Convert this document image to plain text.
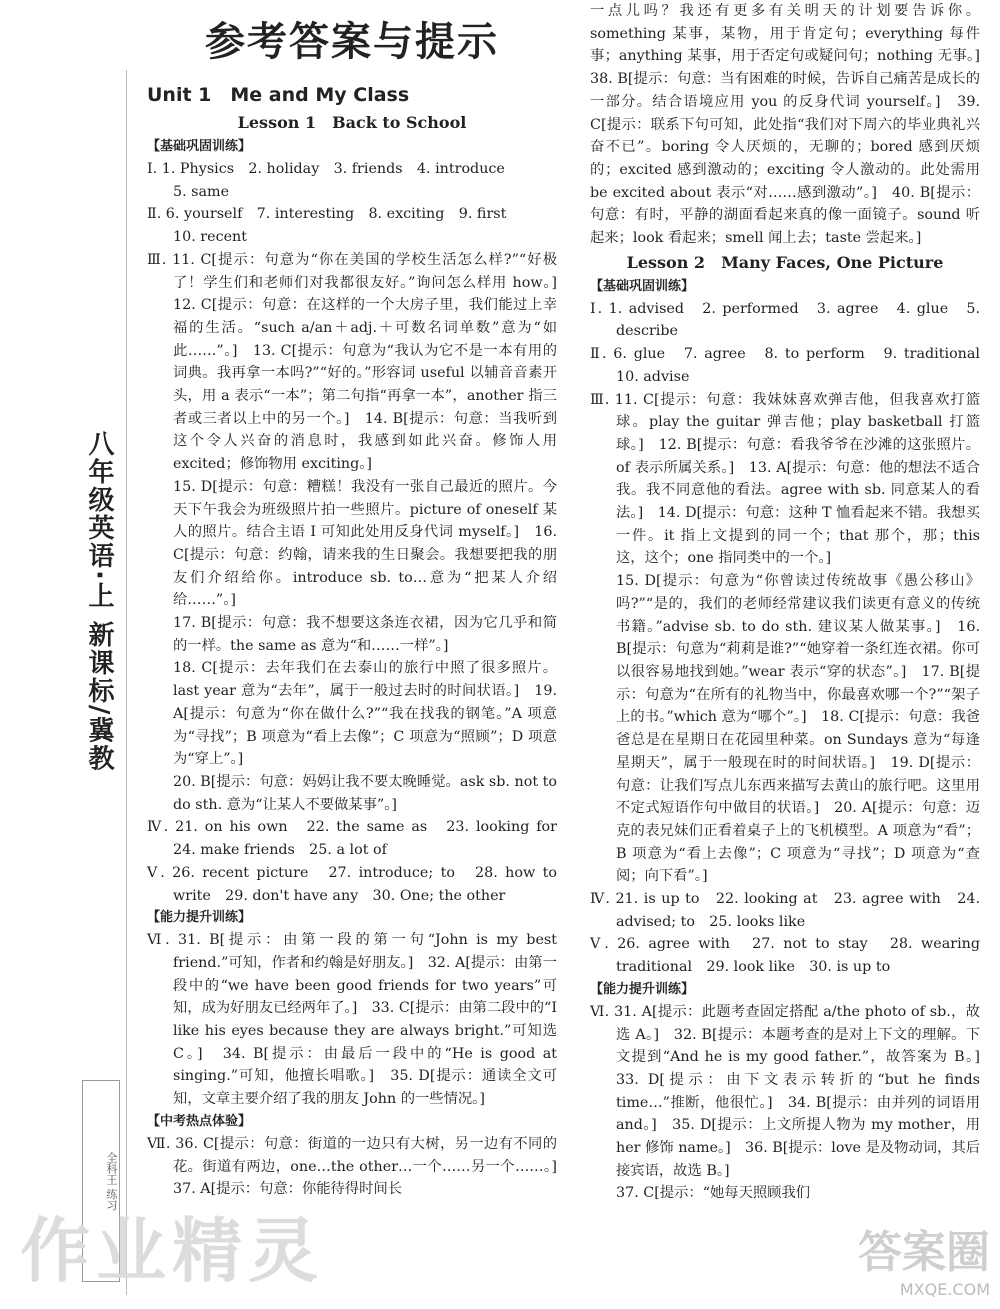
八年级英语·上 新课标/冀教
全科王 练习
参考答案与提示

Unit 1　Me and My Class

Lesson 1　Back to School

【基础巩固训练】

Ⅰ. 1. Physics　2. holiday　3. friends　4. introduce

5. same

Ⅱ. 6. yourself　7. interesting　8. exciting　9. first

10. recent

Ⅲ. 11. C[提示：句意为“你在美国的学校生活怎么样?”“好极了！学生们和老师们对我都很友好。”询问怎么样用 how。]　12. C[提示：句意：在这样的一个大房子里，我们能过上幸福的生活。“such a/an＋adj.＋可数名词单数”意为“如此……”。]　13. C[提示：句意为“我认为它不是一本有用的词典。我再拿一本吗?”“好的。”形容词 useful 以辅音音素开头，用 a 表示“一本”；第二句指“再拿一本”，another 指三者或三者以上中的另一个。]　14. B[提示：句意：当我听到这个令人兴奋的消息时，我感到如此兴奋。修饰人用 excited；修饰物用 exciting。]

15. D[提示：句意：糟糕！我没有一张自己最近的照片。今天下午我会为班级照片拍一些照片。picture of oneself 某人的照片。结合主语 I 可知此处用反身代词 myself。]　16. C[提示：句意：约翰，请来我的生日聚会。我想要把我的朋友们介绍给你。introduce sb. to…意为“把某人介绍给……”。]

17. B[提示：句意：我不想要这条连衣裙，因为它几乎和简的一样。the same as 意为“和……一样”。]

18. C[提示：去年我们在去泰山的旅行中照了很多照片。last year 意为“去年”，属于一般过去时的时间状语。]　19. A[提示：句意为“你在做什么?”“我在找我的钢笔。”A 项意为“寻找”；B 项意为“看上去像”；C 项意为“照顾”；D 项意为“穿上”。]

20. B[提示：句意：妈妈让我不要太晚睡觉。ask sb. not to do sth. 意为“让某人不要做某事”。]

Ⅳ. 21. on his own　22. the same as　23. looking for　24. make friends　25. a lot of

Ⅴ. 26. recent picture　27. introduce; to　28. how to write　29. don't have any　30. One; the other

【能力提升训练】

Ⅵ. 31. B[提示：由第一段的第一句“John is my best friend.”可知，作者和约翰是好朋友。]　32. A[提示：由第一段中的“we have been good friends for two years”可知，成为好朋友已经两年了。]　33. C[提示：由第二段中的“I like his eyes because they are always bright.”可知选 C。]　34. B[提示：由最后一段中的“He is good at singing.”可知，他擅长唱歌。]　35. D[提示：通读全文可知，文章主要介绍了我的朋友 John 的一些情况。]

【中考热点体验】

Ⅶ. 36. C[提示：句意：街道的一边只有大树，另一边有不同的花。街道有两边，one…the other…一个……另一个……。]　37. A[提示：句意：你能待得时间长

一点儿吗？我还有更多有关明天的计划要告诉你。something 某事，某物，用于肯定句；everything 每件事；anything 某事，用于否定句或疑问句；nothing 无事。]　38. B[提示：句意：当有困难的时候，告诉自己痛苦是成长的一部分。结合语境应用 you 的反身代词 yourself。]　39. C[提示：联系下句可知，此处指“我们对下周六的毕业典礼兴奋不已”。boring 令人厌烦的，无聊的；bored 感到厌烦的；excited 感到激动的；exciting 令人激动的。此处需用 be excited about 表示“对……感到激动”。]　40. B[提示：句意：有时，平静的湖面看起来真的像一面镜子。sound 听起来；look 看起来；smell 闻上去；taste 尝起来。]

Lesson 2　Many Faces, One Picture

【基础巩固训练】

Ⅰ. 1. advised　2. performed　3. agree　4. glue　5. describe

Ⅱ. 6. glue　7. agree　8. to perform　9. traditional　10. advise

Ⅲ. 11. C[提示：句意：我妹妹喜欢弹吉他，但我喜欢打篮球。play the guitar 弹吉他；play basketball 打篮球。]　12. B[提示：句意：看我爷爷在沙滩的这张照片。of 表示所属关系。]　13. A[提示：句意：他的想法不适合我。我不同意他的看法。agree with sb. 同意某人的看法。]　14. D[提示：句意：这种 T 恤看起来不错。我想买一件。it 指上文提到的同一个；that 那个，那；this 这，这个；one 指同类中的一个。]

15. D[提示：句意为“你曾读过传统故事《愚公移山》吗?”“是的，我们的老师经常建议我们读更有意义的传统书籍。”advise sb. to do sth. 建议某人做某事。]　16. B[提示：句意为“莉莉是谁?”“她穿着一条红连衣裙。你可以很容易地找到她。”wear 表示“穿的状态”。]　17. B[提示：句意为“在所有的礼物当中，你最喜欢哪一个?”“架子上的书。”which 意为“哪个”。]　18. C[提示：句意：我爸爸总是在星期日在花园里种菜。on Sundays 意为“每逢星期天”，属于一般现在时的时间状语。]　19. D[提示：句意：让我们写点儿东西来描写去黄山的旅行吧。这里用不定式短语作句中做目的状语。]　20. A[提示：句意：迈克的表兄妹们正看着桌子上的飞机模型。A 项意为“看”；B 项意为“看上去像”；C 项意为“寻找”；D 项意为“查阅；向下看”。]

Ⅳ. 21. is up to　22. looking at　23. agree with　24. advised; to　25. looks like

Ⅴ. 26. agree with　27. not to stay　28. wearing traditional　29. look like　30. is up to

【能力提升训练】

Ⅵ. 31. A[提示：此题考查固定搭配 a/the photo of sb.，故选 A。]　32. B[提示：本题考查的是对上下文的理解。下文提到“And he is my good father.”，故答案为 B。]　33. D[提示：由下文表示转折的“but he finds time…”推断，他很忙。]　34. B[提示：由并列的词语用 and。]　35. D[提示：上文所提人物为 my mother，用 her 修饰 name。]　36. B[提示：love 是及物动词，其后接宾语，故选 B。]

37. C[提示：“她每天照顾我们

作业精灵	答案圈
MXQE.COM
